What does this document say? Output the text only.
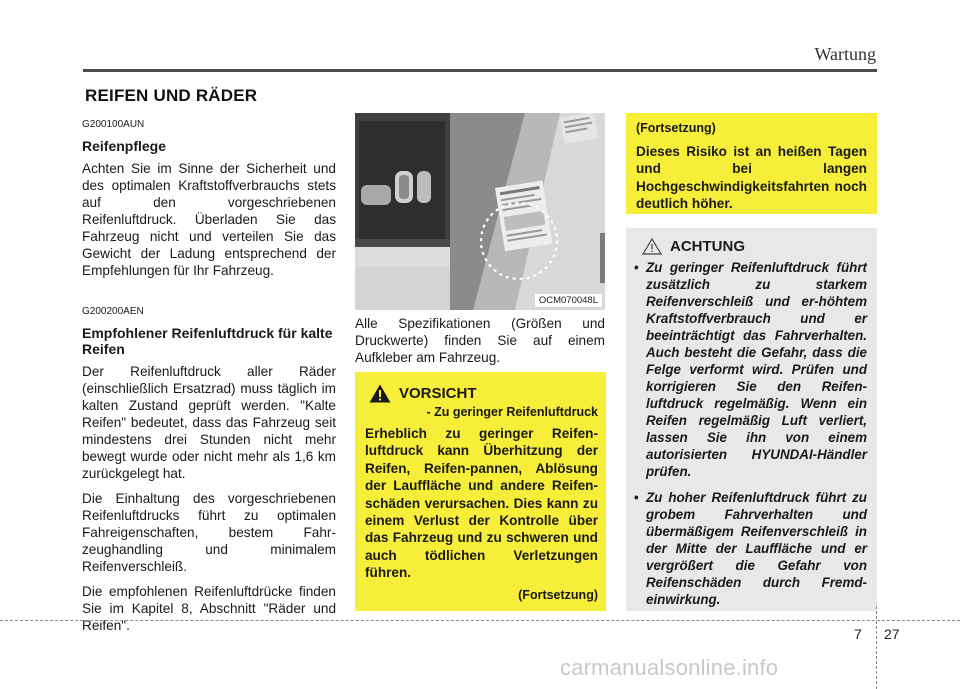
Wartung
REIFEN UND RÄDER
G200100AUN
Reifenpflege

Achten Sie im Sinne der Sicherheit und des optimalen Kraftstoffverbrauchs stets auf den vorgeschriebenen Reifenluftdruck. Überladen Sie das Fahrzeug nicht und verteilen Sie das Gewicht der Ladung entsprechend der Empfehlungen für Ihr Fahrzeug.

G200200AEN
Empfohlener Reifenluftdruck für kalte Reifen

Der Reifenluftdruck aller Räder (einschließlich Ersatzrad) muss täglich im kalten Zustand geprüft werden. "Kalte Reifen" bedeutet, dass das Fahrzeug seit mindestens drei Stunden nicht mehr bewegt wurde oder nicht mehr als 1,6 km zurückgelegt hat.

Die Einhaltung des vorgeschriebenen Reifenluftdrucks führt zu optimalen Fahreigenschaften, bestem Fahr-zeughandling und minimalem Reifenverschleiß.

Die empfohlenen Reifenluftdrücke finden Sie im Kapitel 8, Abschnitt "Räder und Reifen".

OCM070048L
Alle Spezifikationen (Größen und Druckwerte) finden Sie auf einem Aufkleber am Fahrzeug.
VORSICHT
- Zu geringer Reifenluftdruck

Erheblich zu geringer Reifen-luftdruck kann Überhitzung der Reifen, Reifen-pannen, Ablösung der Lauffläche und andere Reifen-schäden verursachen. Dies kann zu einem Verlust der Kontrolle über das Fahrzeug und zu schweren und auch tödlichen Verletzungen führen.

(Fortsetzung)
(Fortsetzung)

Dieses Risiko ist an heißen Tagen und bei langen Hochgeschwindigkeitsfahrten noch deutlich höher.

ACHTUNG
• Zu geringer Reifenluftdruck führt zusätzlich zu starkem Reifenverschleiß und er-höhtem Kraftstoffverbrauch und er beeinträchtigt das Fahrverhalten. Auch besteht die Gefahr, dass die Felge verformt wird. Prüfen und korrigieren Sie den Reifen-luftdruck regelmäßig. Wenn ein Reifen regelmäßig Luft verliert, lassen Sie ihn von einem autorisierten HYUNDAI-Händler prüfen.
• Zu hoher Reifenluftdruck führt zu grobem Fahrverhalten und übermäßigem Reifenverschleiß in der Mitte der Lauffläche und er vergrößert die Gefahr von Reifenschäden durch Fremd-einwirkung.
7 27
carmanualsonline.info
